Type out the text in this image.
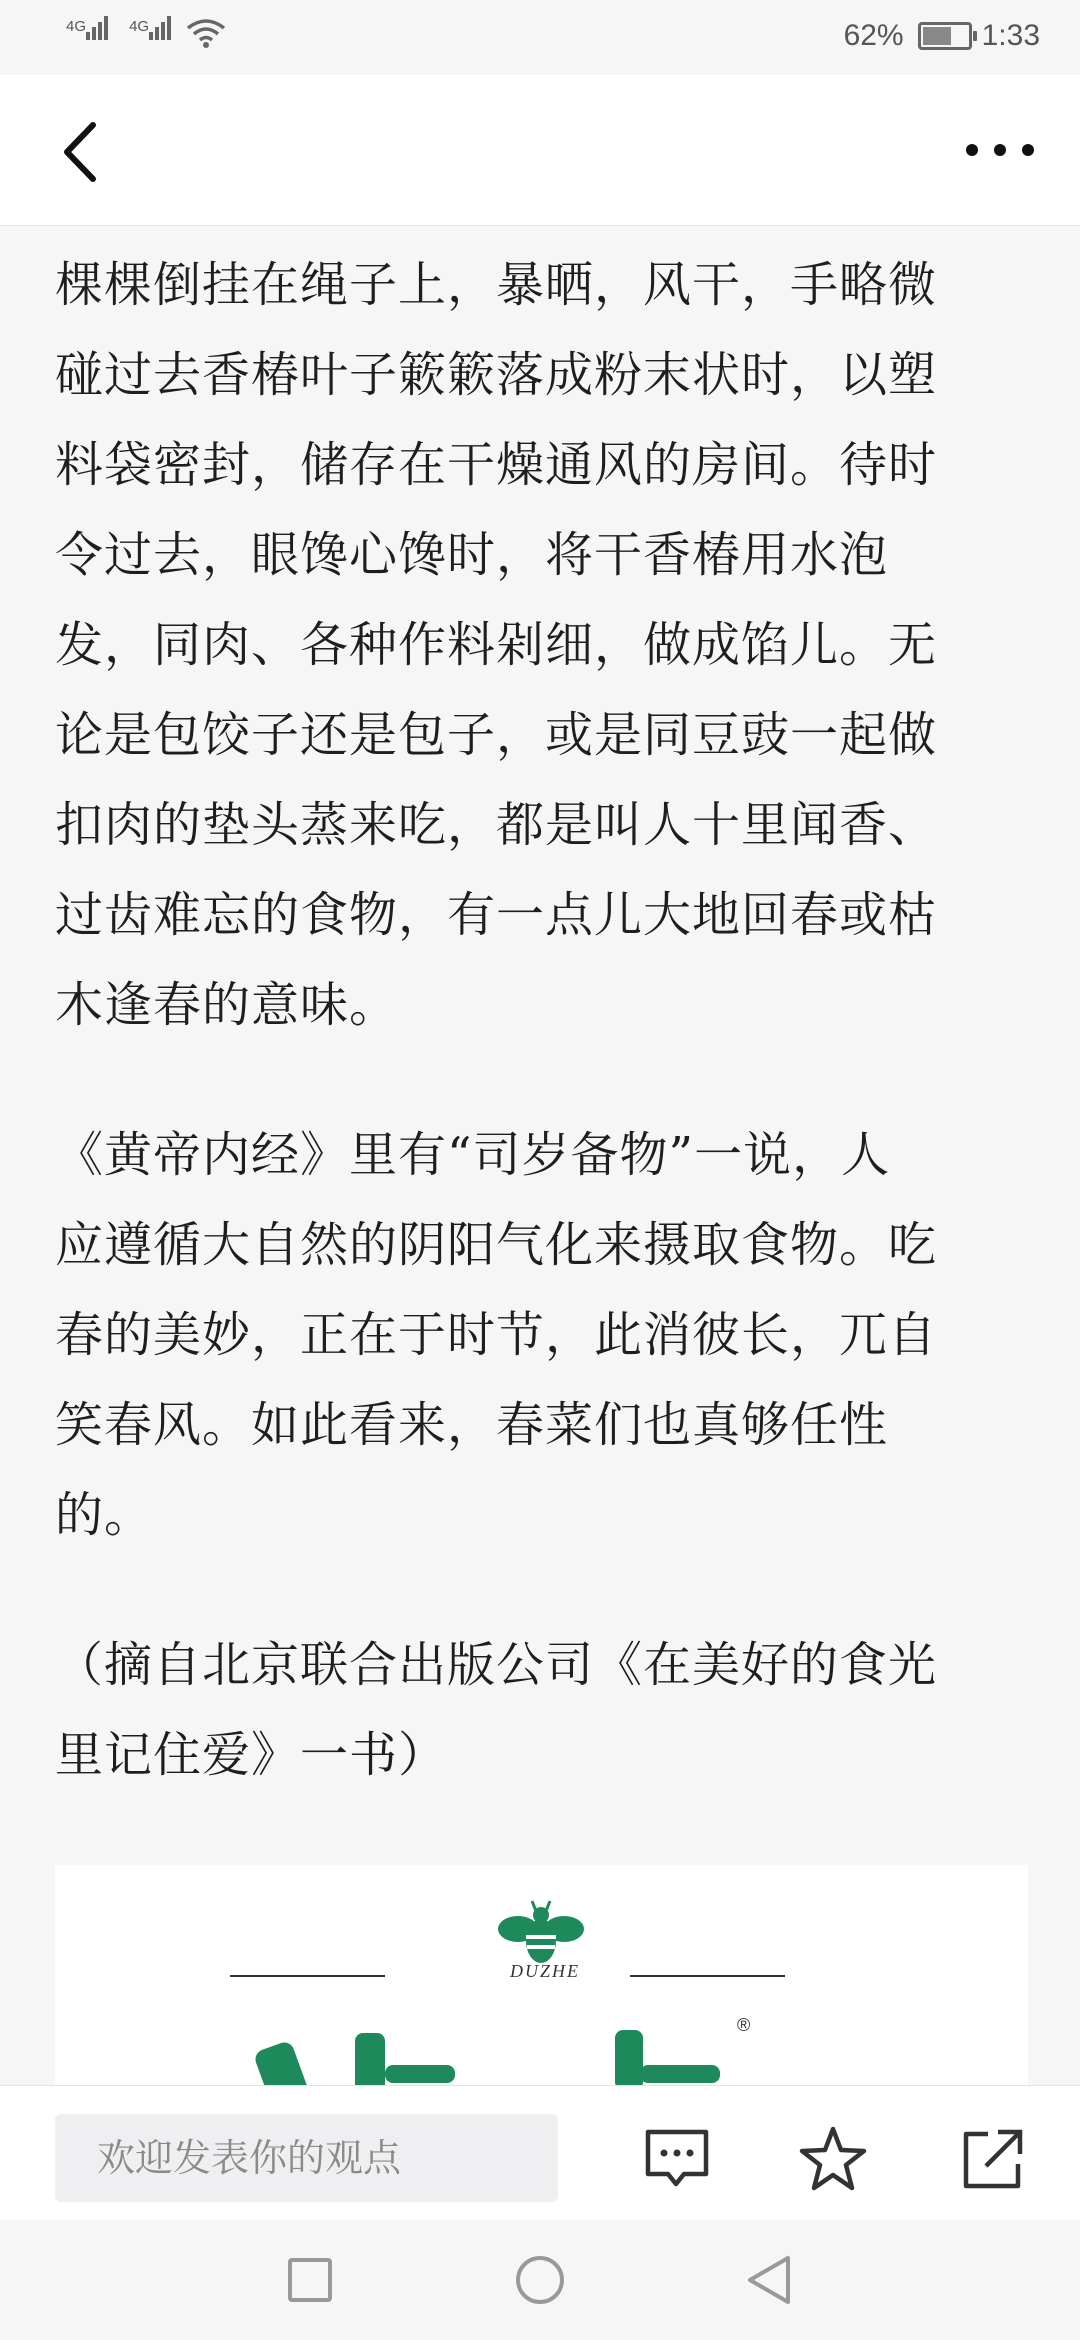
4G
	4G	62%	1:33

棵棵倒挂在绳子上，暴晒，风干，手略微
碰过去香椿叶子簌簌落成粉末状时，以塑
料袋密封，储存在干燥通风的房间。待时
令过去，眼馋心馋时，将干香椿用水泡
发，同肉、各种作料剁细，做成馅儿。无
论是包饺子还是包子，或是同豆豉一起做
扣肉的垫头蒸来吃，都是叫人十里闻香、
过齿难忘的食物，有一点儿大地回春或枯
木逢春的意味。

《黄帝内经》里有“司岁备物”一说，人
应遵循大自然的阴阳气化来摄取食物。吃
春的美妙，正在于时节，此消彼长，兀自
笑春风。如此看来，春菜们也真够任性
的。

（摘自北京联合出版公司《在美好的食光
里记住爱》一书）

DUZHE
®
欢迎发表你的观点
